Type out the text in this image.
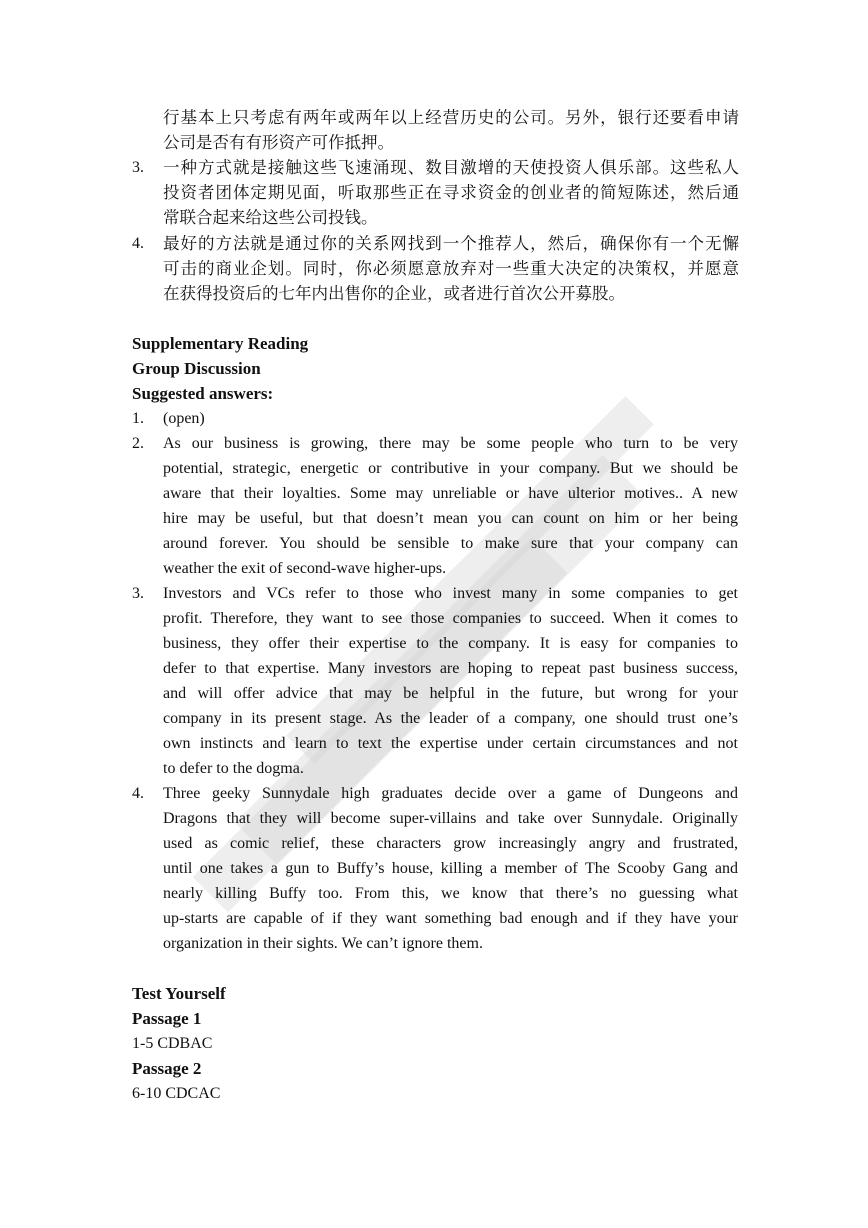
行基本上只考虑有两年或两年以上经营历史的公司。另外，银行还要看申请
公司是否有有形资产可作抵押。
3.	一种方式就是接触这些飞速涌现、数目激增的天使投资人俱乐部。这些私人
投资者团体定期见面，听取那些正在寻求资金的创业者的简短陈述，然后通
常联合起来给这些公司投钱。
4.	最好的方法就是通过你的关系网找到一个推荐人，然后，确保你有一个无懈
可击的商业企划。同时，你必须愿意放弃对一些重大决定的决策权，并愿意
在获得投资后的七年内出售你的企业，或者进行首次公开募股。
Supplementary Reading
Group Discussion
Suggested answers:
1.	(open)
2.	As our business is growing, there may be some people who turn to be very
potential, strategic, energetic or contributive in your company. But we should be
aware that their loyalties. Some may unreliable or have ulterior motives.. A new
hire may be useful, but that doesn’t mean you can count on him or her being
around forever. You should be sensible to make sure that your company can
weather the exit of second-wave higher-ups.
3.	Investors and VCs refer to those who invest many in some companies to get
profit. Therefore, they want to see those companies to succeed. When it comes to
business, they offer their expertise to the company. It is easy for companies to
defer to that expertise. Many investors are hoping to repeat past business success,
and will offer advice that may be helpful in the future, but wrong for your
company in its present stage. As the leader of a company, one should trust one’s
own instincts and learn to text the expertise under certain circumstances and not
to defer to the dogma.
4.	Three geeky Sunnydale high graduates decide over a game of Dungeons and
Dragons that they will become super-villains and take over Sunnydale. Originally
used as comic relief, these characters grow increasingly angry and frustrated,
until one takes a gun to Buffy’s house, killing a member of The Scooby Gang and
nearly killing Buffy too. From this, we know that there’s no guessing what
up-starts are capable of if they want something bad enough and if they have your
organization in their sights. We can’t ignore them.
Test Yourself
Passage 1
1-5 CDBAC
Passage 2
6-10 CDCAC
